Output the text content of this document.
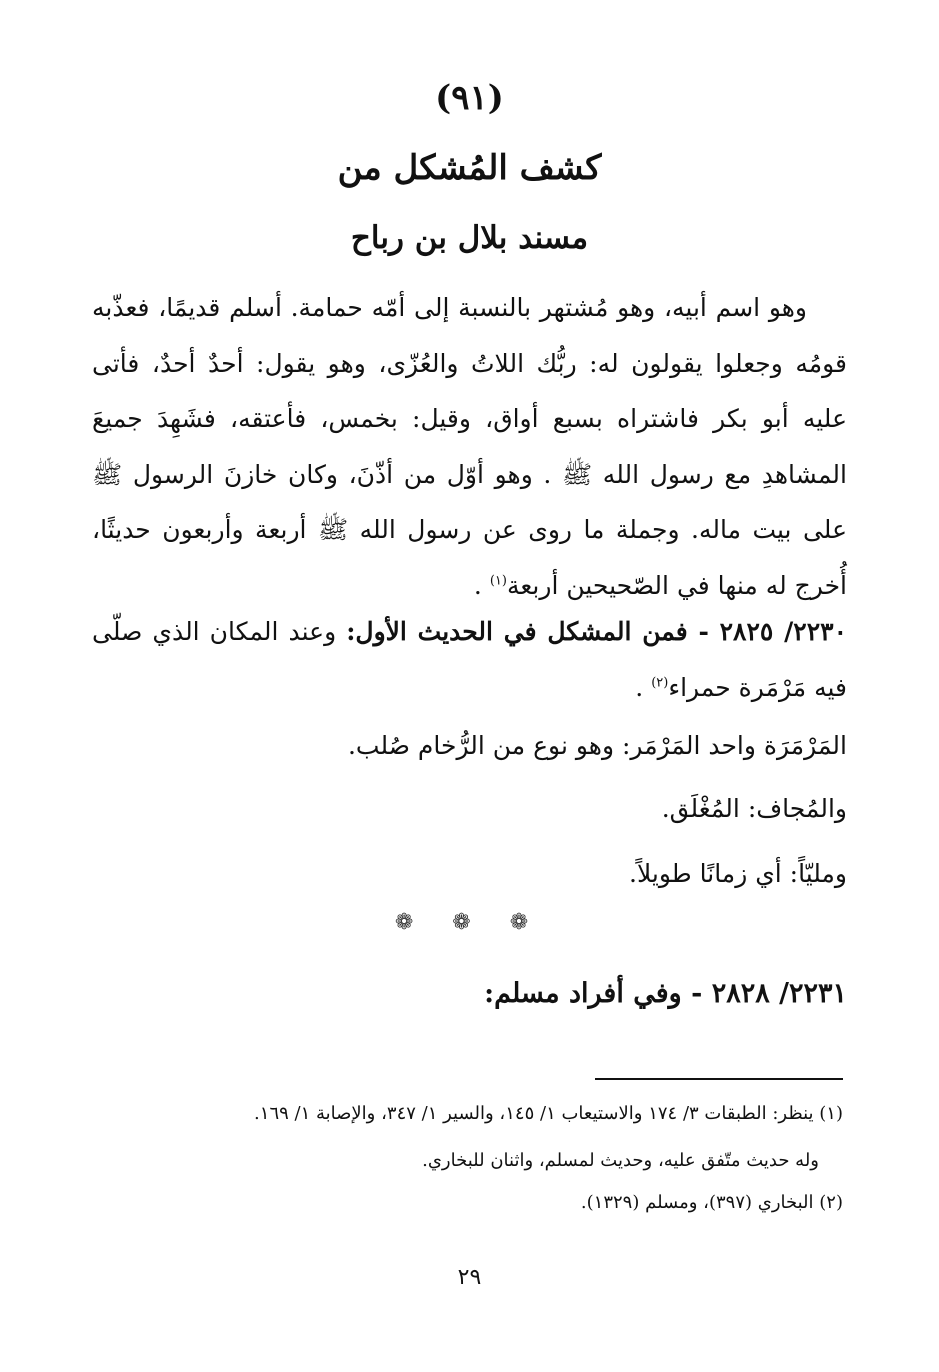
(٩١)
كشف المُشكل من
مسند بلال بن رباح

وهو اسم أبيه، وهو مُشتهر بالنسبة إلى أمّه حمامة. أسلم قديمًا، فعذّبه قومُه وجعلوا يقولون له: ربُّك اللاتُ والعُزّى، وهو يقول: أحدٌ أحدٌ، فأتى عليه أبو بكر فاشتراه بسبع أواق، وقيل: بخمس، فأعتقه، فشَهِدَ جميعَ المشاهدِ مع رسول الله ﷺ . وهو أوّل من أذّنَ، وكان خازنَ الرسول ﷺ على بيت ماله. وجملة ما روى عن رسول الله ﷺ أربعة وأربعون حديثًا، أُخرج له منها في الصّحيحين أربعة$^{(١)}$ .

٢٢٣٠/ ٢٨٢٥ - فمن المشكل في الحديث الأول: وعند المكان الذي صلّى فيه مَرْمَرة حمراء$^{(٢)}$ .

المَرْمَرَة واحد المَرْمَر: وهو نوع من الرُّخام صُلب.
والمُجاف: المُغْلَق.
ومليّاً: أي زمانًا طويلاً.
❁ ❁ ❁
٢٢٣١/ ٢٨٢٨ - وفي أفراد مسلم:
(١) ينظر: الطبقات ٣/ ١٧٤ والاستيعاب ١/ ١٤٥، والسير ١/ ٣٤٧، والإصابة ١/ ١٦٩.
وله حديث متّفق عليه، وحديث لمسلم، واثنان للبخاري.
(٢) البخاري (٣٩٧)، ومسلم (١٣٢٩).
٢٩
